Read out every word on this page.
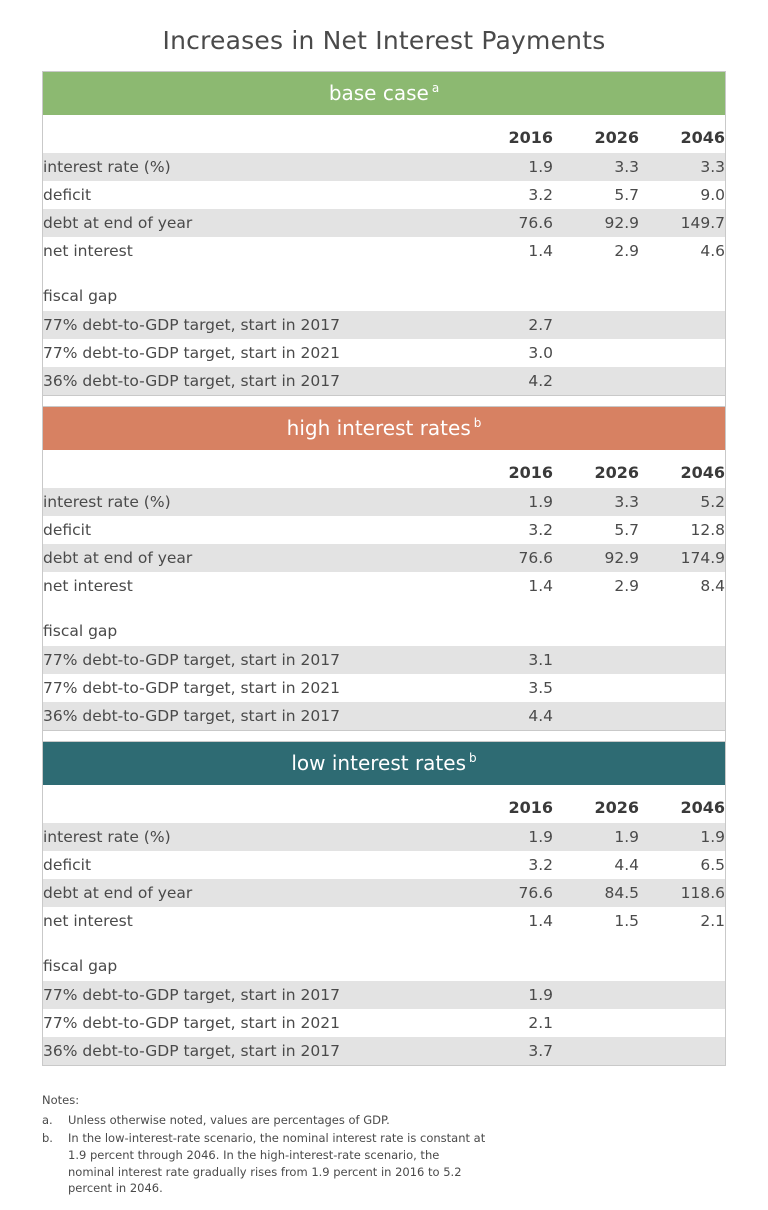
Increases in Net Interest Payments
base case $^a$
	2016	2026	2046
interest rate (%)	1.9	3.3	3.3
deficit	3.2	5.7	9.0
debt at end of year	76.6	92.9	149.7
net interest	1.4	2.9	4.6

fiscal gap			
77% debt-to-GDP target, start in 2017	2.7		
77% debt-to-GDP target, start in 2021	3.0		
36% debt-to-GDP target, start in 2017	4.2		
high interest rates $^b$
	2016	2026	2046
interest rate (%)	1.9	3.3	5.2
deficit	3.2	5.7	12.8
debt at end of year	76.6	92.9	174.9
net interest	1.4	2.9	8.4

fiscal gap			
77% debt-to-GDP target, start in 2017	3.1		
77% debt-to-GDP target, start in 2021	3.5		
36% debt-to-GDP target, start in 2017	4.4		
low interest rates $^b$
	2016	2026	2046
interest rate (%)	1.9	1.9	1.9
deficit	3.2	4.4	6.5
debt at end of year	76.6	84.5	118.6
net interest	1.4	1.5	2.1

fiscal gap			
77% debt-to-GDP target, start in 2017	1.9		
77% debt-to-GDP target, start in 2021	2.1		
36% debt-to-GDP target, start in 2017	3.7		
Notes:
a.	Unless otherwise noted, values are percentages of GDP.
b.	In the low-interest-rate scenario, the nominal interest rate is constant at 1.9 percent through 2046. In the high-interest-rate scenario, the nominal interest rate gradually rises from 1.9 percent in 2016 to 5.2 percent in 2046.
